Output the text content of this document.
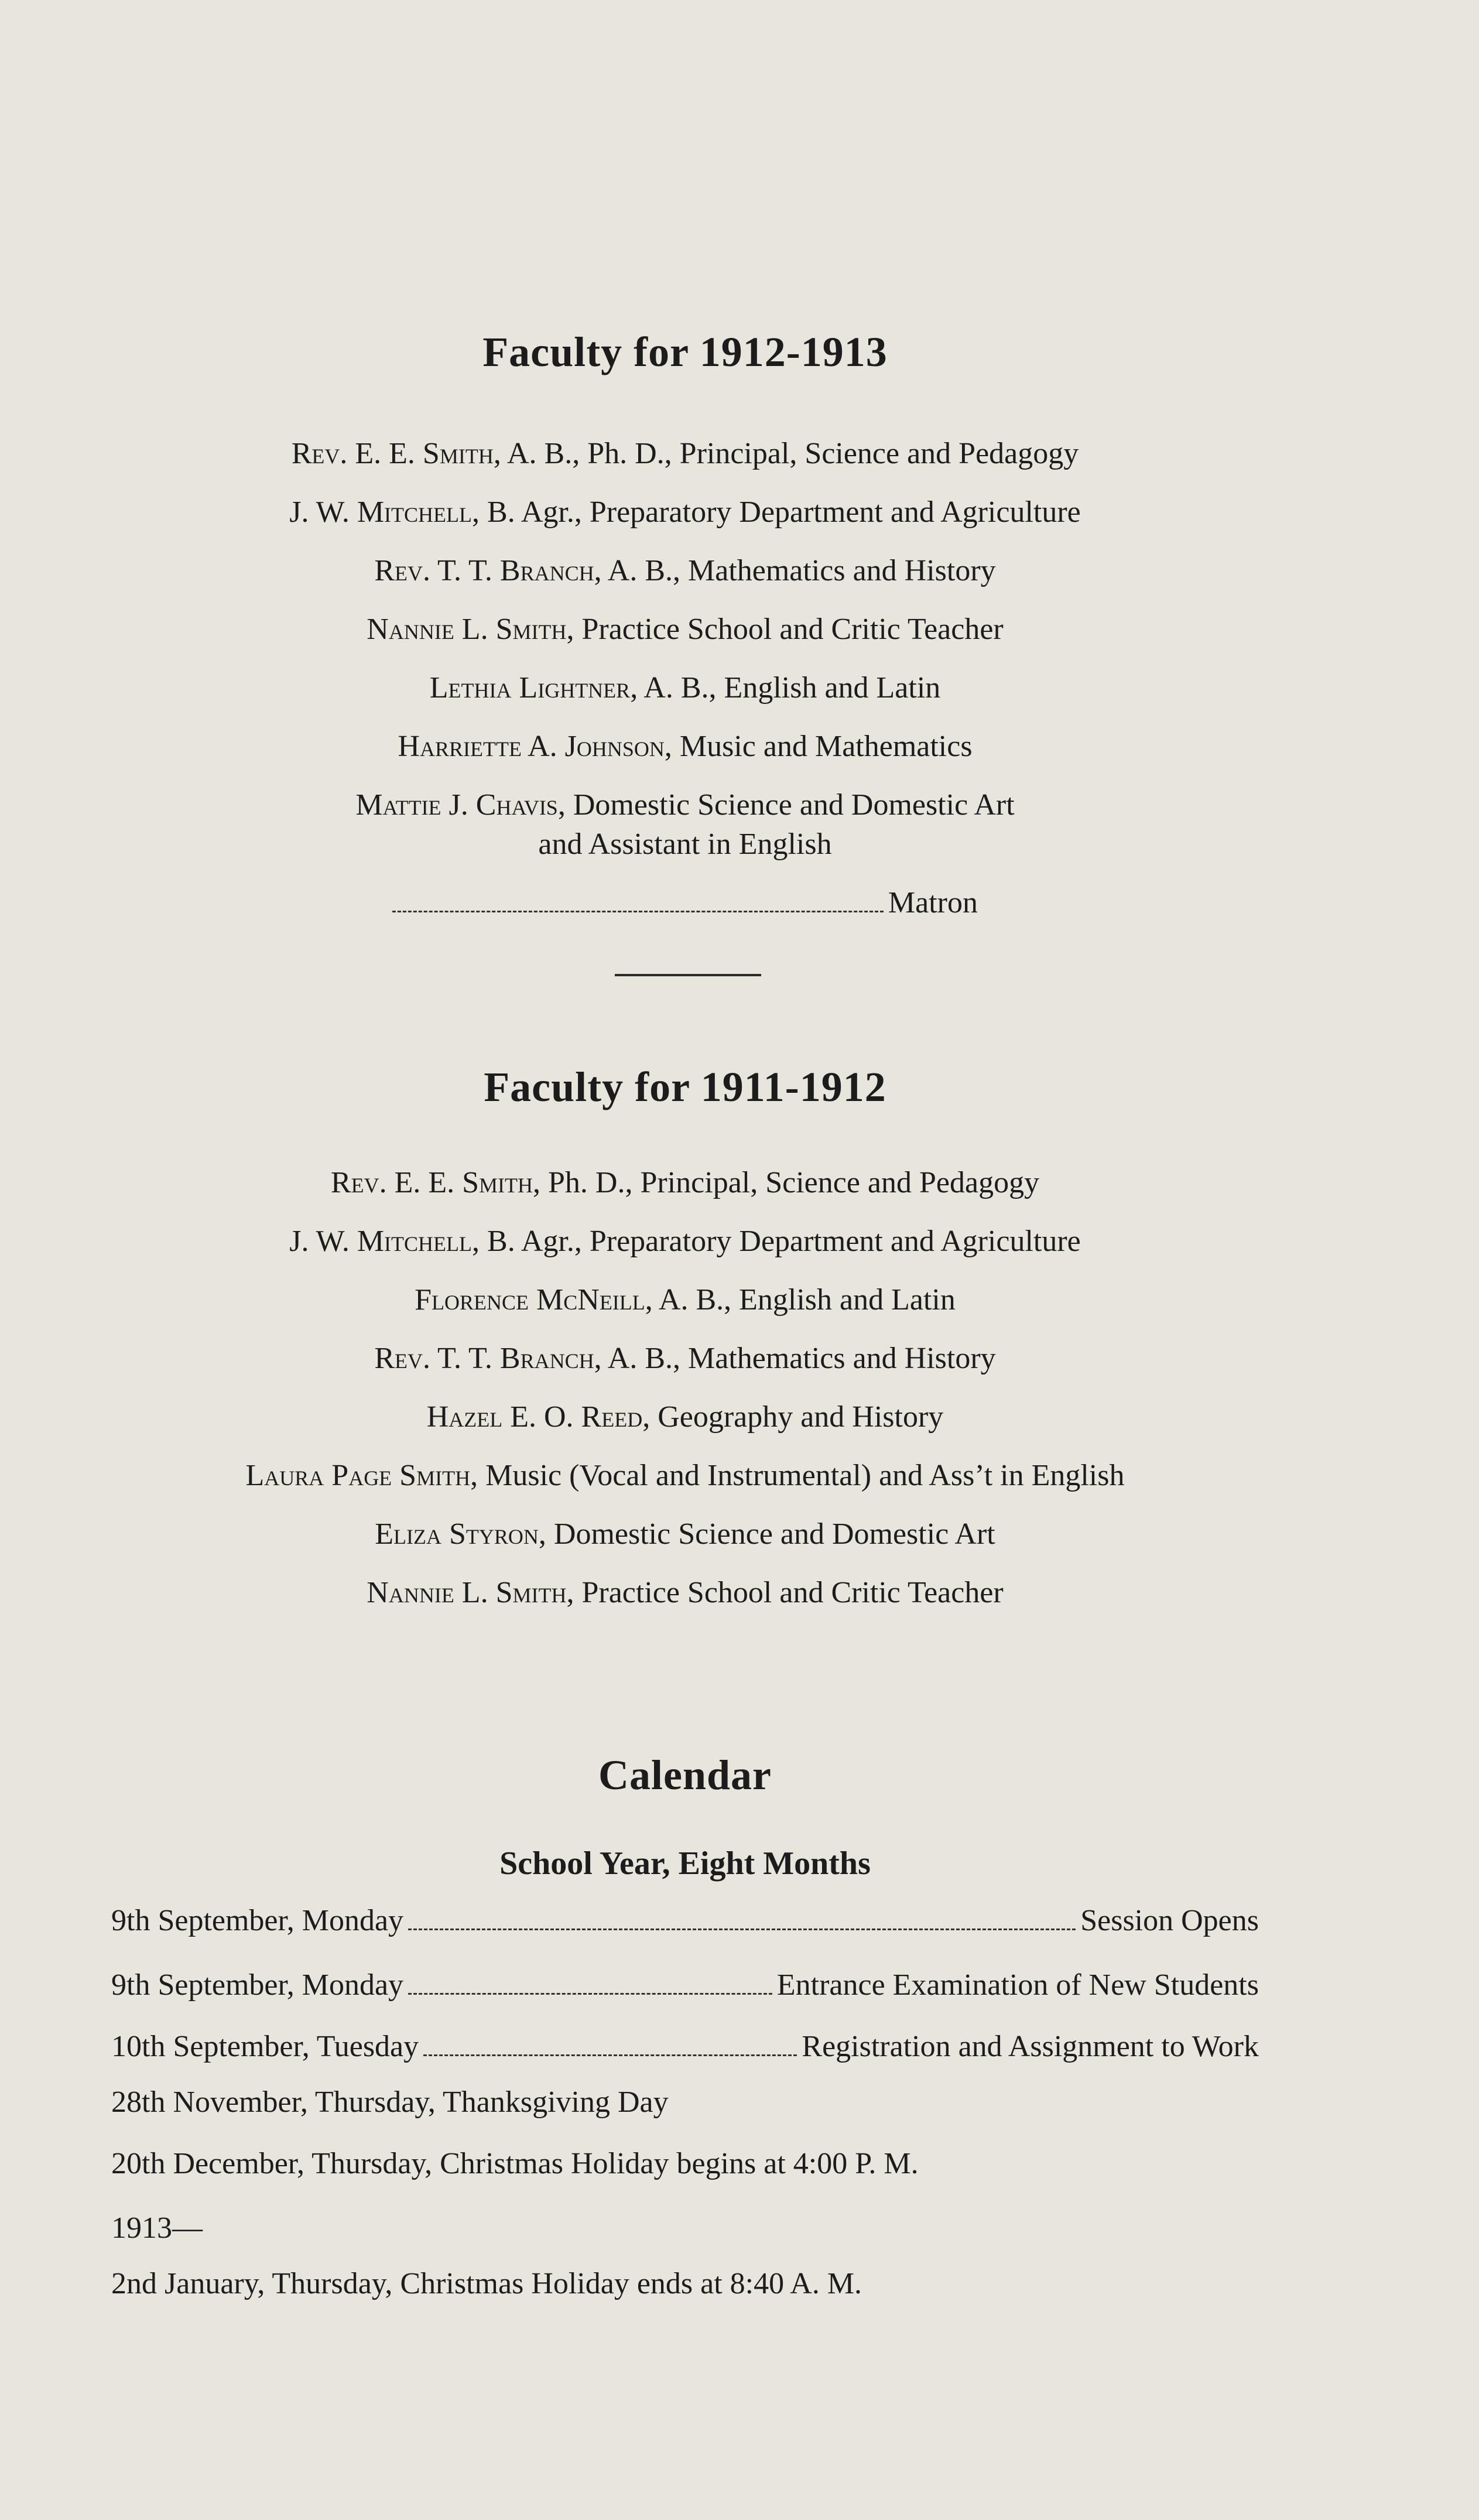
Faculty for 1912-1913
Rev. E. E. Smith, A. B., Ph. D., Principal, Science and Pedagogy
J. W. Mitchell, B. Agr., Preparatory Department and Agriculture
Rev. T. T. Branch, A. B., Mathematics and History
Nannie L. Smith, Practice School and Critic Teacher
Lethia Lightner, A. B., English and Latin
Harriette A. Johnson, Music and Mathematics
Mattie J. Chavis, Domestic Science and Domestic Art
and Assistant in English
Matron
Faculty for 1911-1912
Rev. E. E. Smith, Ph. D., Principal, Science and Pedagogy
J. W. Mitchell, B. Agr., Preparatory Department and Agriculture
Florence McNeill, A. B., English and Latin
Rev. T. T. Branch, A. B., Mathematics and History
Hazel E. O. Reed, Geography and History
Laura Page Smith, Music (Vocal and Instrumental) and Ass’t in English
Eliza Styron, Domestic Science and Domestic Art
Nannie L. Smith, Practice School and Critic Teacher
Calendar
School Year, Eight Months
9th September, Monday	Session Opens
9th September, Monday	Entrance Examination of New Students
10th September, Tuesday	Registration and Assignment to Work
28th November, Thursday, Thanksgiving Day
20th December, Thursday, Christmas Holiday begins at 4:00 P. M.
1913—
2nd January, Thursday, Christmas Holiday ends at 8:40 A. M.
